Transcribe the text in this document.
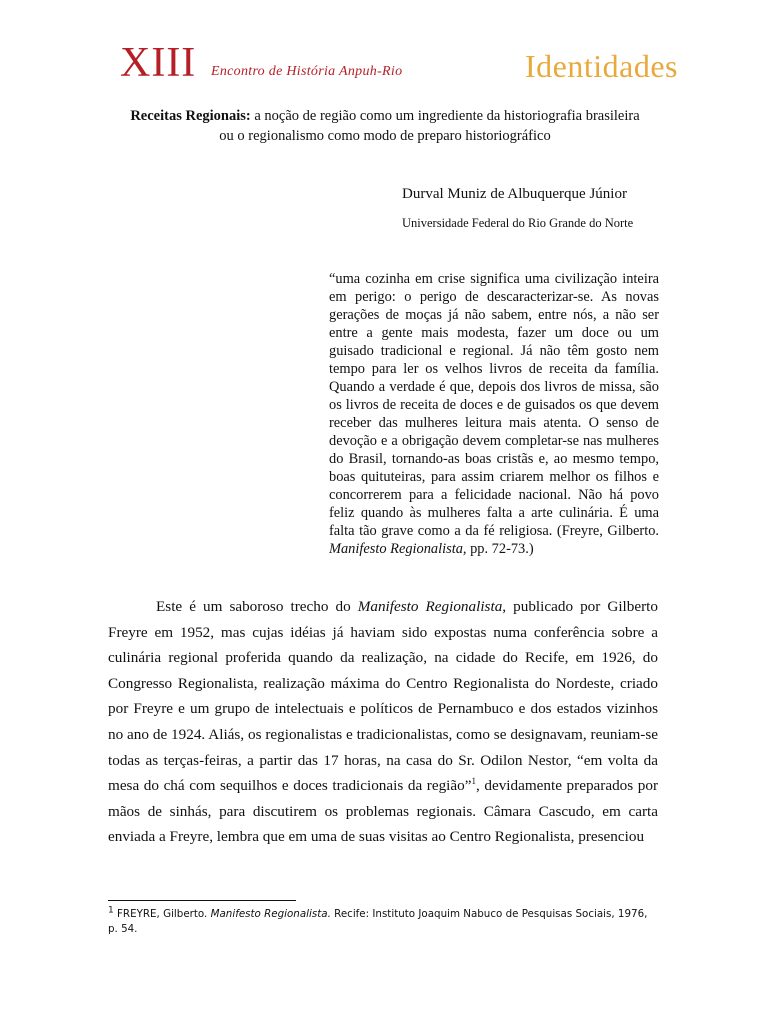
XIII Encontro de História Anpuh-Rio	Identidades
Receitas Regionais: a noção de região como um ingrediente da historiografia brasileira
ou o regionalismo como modo de preparo historiográfico
Durval Muniz de Albuquerque Júnior
Universidade Federal do Rio Grande do Norte
“uma cozinha em crise significa uma civilização inteira em perigo: o perigo de descaracterizar-se. As novas gerações de moças já não sabem, entre nós, a não ser entre a gente mais modesta, fazer um doce ou um guisado tradicional e regional. Já não têm gosto nem tempo para ler os velhos livros de receita da família. Quando a verdade é que, depois dos livros de missa, são os livros de receita de doces e de guisados os que devem receber das mulheres leitura mais atenta. O senso de devoção e a obrigação devem completar-se nas mulheres do Brasil, tornando-as boas cristãs e, ao mesmo tempo, boas quituteiras, para assim criarem melhor os filhos e concorrerem para a felicidade nacional. Não há povo feliz quando às mulheres falta a arte culinária. É uma falta tão grave como a da fé religiosa. (Freyre, Gilberto. Manifesto Regionalista, pp. 72-73.)
Este é um saboroso trecho do Manifesto Regionalista, publicado por Gilberto Freyre em 1952, mas cujas idéias já haviam sido expostas numa conferência sobre a culinária regional proferida quando da realização, na cidade do Recife, em 1926, do Congresso Regionalista, realização máxima do Centro Regionalista do Nordeste, criado por Freyre e um grupo de intelectuais e políticos de Pernambuco e dos estados vizinhos no ano de 1924. Aliás, os regionalistas e tradicionalistas, como se designavam, reuniam-se todas as terças-feiras, a partir das 17 horas, na casa do Sr. Odilon Nestor, “em volta da mesa do chá com sequilhos e doces tradicionais da região”$^1$, devidamente preparados por mãos de sinhás, para discutirem os problemas regionais. Câmara Cascudo, em carta enviada a Freyre, lembra que em uma de suas visitas ao Centro Regionalista, presenciou
$^1$ FREYRE, Gilberto. Manifesto Regionalista. Recife: Instituto Joaquim Nabuco de Pesquisas Sociais, 1976, p. 54.
